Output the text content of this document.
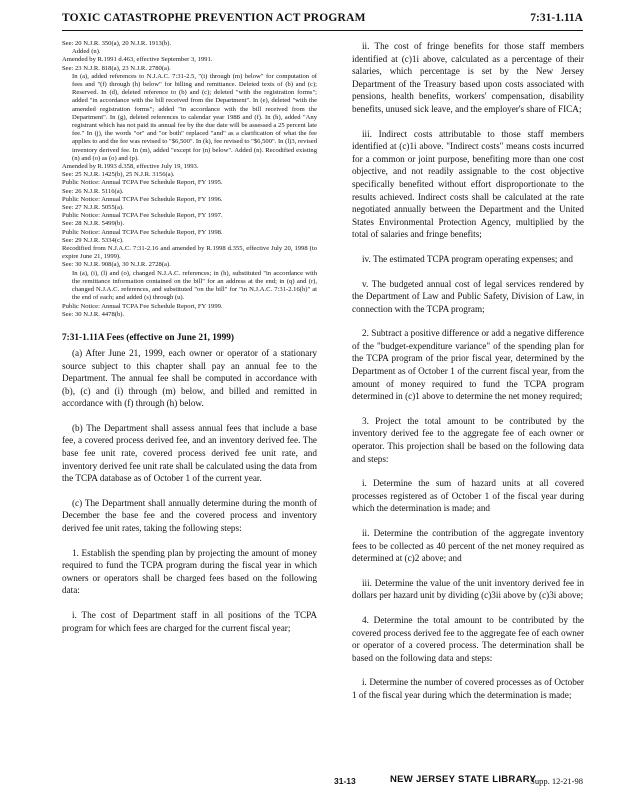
TOXIC CATASTROPHE PREVENTION ACT PROGRAM	7:31-1.11A

See: 20 N.J.R. 350(a), 20 N.J.R. 1913(b).

Added (n).

Amended by R.1991 d.463, effective September 3, 1991.

See: 23 N.J.R. 818(a), 23 N.J.R. 2780(a).

In (a), added references to N.J.A.C. 7:31-2.5, "(i) through (m) below" for computation of fees and "(f) through (h) below" for billing and remittance. Deleted texts of (b) and (c); Reserved. In (d), deleted reference to (b) and (c); deleted "with the registration forms"; added "in accordance with the bill received from the Department". In (e), deleted "with the amended registration forms"; added "in accordance with the bill received from the Department". In (g), deleted references to calendar year 1988 and (f). In (h), added "Any registrant which has not paid its annual fee by the due date will be assessed a 25 percent late fee." In (j), the words "or" and "or both" replaced "and" as a clarification of what the fee applies to and the fee was revised to "$6,500". In (k), fee revised to "$6,500". In (l)3, revised inventory derived fee. In (m), added "except for (n) below". Added (n). Recodified existing (n) and (o) as (o) and (p).

Amended by R.1993 d.358, effective July 19, 1993.

See: 25 N.J.R. 1425(b), 25 N.J.R. 3156(a).

Public Notice: Annual TCPA Fee Schedule Report, FY 1995.

See: 26 N.J.R. 5116(a).

Public Notice: Annual TCPA Fee Schedule Report, FY 1996.

See: 27 N.J.R. 5055(a).

Public Notice: Annual TCPA Fee Schedule Report, FY 1997.

See: 28 N.J.R. 5499(b).

Public Notice: Annual TCPA Fee Schedule Report, FY 1998.

See: 29 N.J.R. 5334(c).

Recodified from N.J.A.C. 7:31-2.16 and amended by R.1998 d.355, effective July 20, 1998 (to expire June 21, 1999).

See: 30 N.J.R. 908(a), 30 N.J.R. 2728(a).

In (a), (i), (l) and (o), changed N.J.A.C. references; in (h), substituted "in accordance with the remittance information contained on the bill" for an address at the end; in (q) and (r), changed N.J.A.C. references, and substituted "on the bill" for "in N.J.A.C. 7:31-2.16(h)" at the end of each; and added (s) through (u).

Public Notice: Annual TCPA Fee Schedule Report, FY 1999.

See: 30 N.J.R. 4478(b).

7:31-1.11A Fees (effective on June 21, 1999)

(a) After June 21, 1999, each owner or operator of a stationary source subject to this chapter shall pay an annual fee to the Department. The annual fee shall be computed in accordance with (b), (c) and (i) through (m) below, and billed and remitted in accordance with (f) through (h) below.

(b) The Department shall assess annual fees that include a base fee, a covered process derived fee, and an inventory derived fee. The base fee unit rate, covered process derived fee unit rate, and inventory derived fee unit rate shall be calculated using the data from the TCPA database as of October 1 of the current year.

(c) The Department shall annually determine during the month of December the base fee and the covered process and inventory derived fee unit rates, taking the following steps:

1. Establish the spending plan by projecting the amount of money required to fund the TCPA program during the fiscal year in which owners or operators shall be charged fees based on the following data:

i. The cost of Department staff in all positions of the TCPA program for which fees are charged for the current fiscal year;

ii. The cost of fringe benefits for those staff members identified at (c)1i above, calculated as a percentage of their salaries, which percentage is set by the New Jersey Department of the Treasury based upon costs associated with pensions, health benefits, workers' compensation, disability benefits, unused sick leave, and the employer's share of FICA;

iii. Indirect costs attributable to those staff members identified at (c)1i above. "Indirect costs" means costs incurred for a common or joint purpose, benefiting more than one cost objective, and not readily assignable to the cost objective specifically benefited without effort disproportionate to the results achieved. Indirect costs shall be calculated at the rate negotiated annually between the Department and the United States Environmental Protection Agency, multiplied by the total of salaries and fringe benefits;

iv. The estimated TCPA program operating expenses; and

v. The budgeted annual cost of legal services rendered by the Department of Law and Public Safety, Division of Law, in connection with the TCPA program;

2. Subtract a positive difference or add a negative difference of the "budget-expenditure variance" of the spending plan for the TCPA program of the prior fiscal year, determined by the Department as of October 1 of the current fiscal year, from the amount of money required to fund the TCPA program determined in (c)1 above to determine the net money required;

3. Project the total amount to be contributed by the inventory derived fee to the aggregate fee of each owner or operator. This projection shall be based on the following data and steps:

i. Determine the sum of hazard units at all covered processes registered as of October 1 of the fiscal year during which the determination is made; and

ii. Determine the contribution of the aggregate inventory fees to be collected as 40 percent of the net money required as determined at (c)2 above; and

iii. Determine the value of the unit inventory derived fee in dollars per hazard unit by dividing (c)3ii above by (c)3i above;

4. Determine the total amount to be contributed by the covered process derived fee to the aggregate fee of each owner or operator of a covered process. The determination shall be based on the following data and steps:

i. Determine the number of covered processes as of October 1 of the fiscal year during which the determination is made;

31-13	NEW JERSEY STATE LIBRARY
Supp. 12-21-98
